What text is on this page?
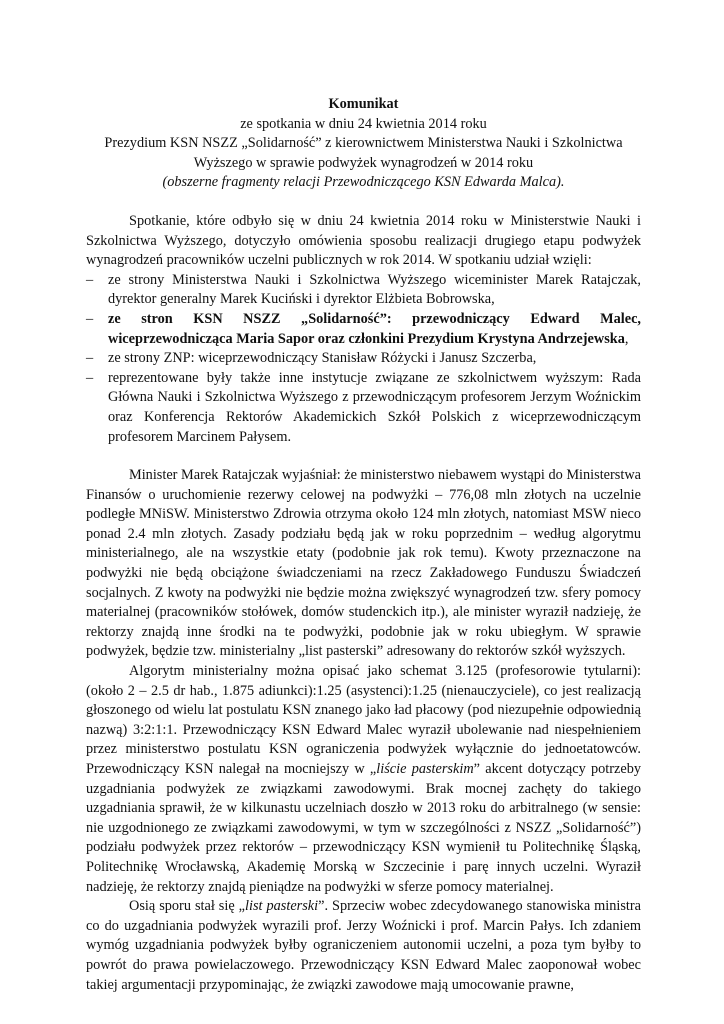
Komunikat
ze spotkania w dniu 24 kwietnia 2014 roku
Prezydium KSN NSZZ „Solidarność” z kierownictwem Ministerstwa Nauki i Szkolnictwa Wyższego w sprawie podwyżek wynagrodzeń w 2014 roku
(obszerne fragmenty relacji Przewodniczącego KSN Edwarda Malca).

Spotkanie, które odbyło się w dniu 24 kwietnia 2014 roku w Ministerstwie Nauki i Szkolnictwa Wyższego, dotyczyło omówienia sposobu realizacji drugiego etapu podwyżek wynagrodzeń pracowników uczelni publicznych w rok 2014. W spotkaniu udział wzięli:

– ze strony Ministerstwa Nauki i Szkolnictwa Wyższego wiceminister Marek Ratajczak, dyrektor generalny Marek Kuciński i dyrektor Elżbieta Bobrowska,
– ze stron KSN NSZZ „Solidarność”: przewodniczący Edward Malec, wiceprzewodnicząca Maria Sapor oraz członkini Prezydium Krystyna Andrzejewska,
– ze strony ZNP: wiceprzewodniczący Stanisław Różycki i Janusz Szczerba,
– reprezentowane były także inne instytucje związane ze szkolnictwem wyższym: Rada Główna Nauki i Szkolnictwa Wyższego z przewodniczącym profesorem Jerzym Woźnickim oraz Konferencja Rektorów Akademickich Szkół Polskich z wiceprzewodniczącym profesorem Marcinem Pałysem.

Minister Marek Ratajczak wyjaśniał: że ministerstwo niebawem wystąpi do Ministerstwa Finansów o uruchomienie rezerwy celowej na podwyżki – 776,08 mln złotych na uczelnie podległe MNiSW. Ministerstwo Zdrowia otrzyma około 124 mln złotych, natomiast MSW nieco ponad 2.4 mln złotych. Zasady podziału będą jak w roku poprzednim – według algorytmu ministerialnego, ale na wszystkie etaty (podobnie jak rok temu). Kwoty przeznaczone na podwyżki nie będą obciążone świadczeniami na rzecz Zakładowego Funduszu Świadczeń socjalnych. Z kwoty na podwyżki nie będzie można zwiększyć wynagrodzeń tzw. sfery pomocy materialnej (pracowników stołówek, domów studenckich itp.), ale minister wyraził nadzieję, że rektorzy znajdą inne środki na te podwyżki, podobnie jak w roku ubiegłym. W sprawie podwyżek, będzie tzw. ministerialny „list pasterski” adresowany do rektorów szkół wyższych.

Algorytm ministerialny można opisać jako schemat 3.125 (profesorowie tytularni): (około 2 – 2.5 dr hab., 1.875 adiunkci):1.25 (asystenci):1.25 (nienauczyciele), co jest realizacją głoszonego od wielu lat postulatu KSN znanego jako ład płacowy (pod niezupełnie odpowiednią nazwą) 3:2:1:1. Przewodniczący KSN Edward Malec wyraził ubolewanie nad niespełnieniem przez ministerstwo postulatu KSN ograniczenia podwyżek wyłącznie do jednoetatowców. Przewodniczący KSN nalegał na mocniejszy w „liście pasterskim” akcent dotyczący potrzeby uzgadniania podwyżek ze związkami zawodowymi. Brak mocnej zachęty do takiego uzgadniania sprawił, że w kilkunastu uczelniach doszło w 2013 roku do arbitralnego (w sensie: nie uzgodnionego ze związkami zawodowymi, w tym w szczególności z NSZZ „Solidarność”) podziału podwyżek przez rektorów – przewodniczący KSN wymienił tu Politechnikę Śląską, Politechnikę Wrocławską, Akademię Morską w Szczecinie i parę innych uczelni. Wyraził nadzieję, że rektorzy znajdą pieniądze na podwyżki w sferze pomocy materialnej.

Osią sporu stał się „list pasterski”. Sprzeciw wobec zdecydowanego stanowiska ministra co do uzgadniania podwyżek wyrazili prof. Jerzy Woźnicki i prof. Marcin Pałys. Ich zdaniem wymóg uzgadniania podwyżek byłby ograniczeniem autonomii uczelni, a poza tym byłby to powrót do prawa powielaczowego. Przewodniczący KSN Edward Malec zaoponował wobec takiej argumentacji przypominając, że związki zawodowe mają umocowanie prawne,
